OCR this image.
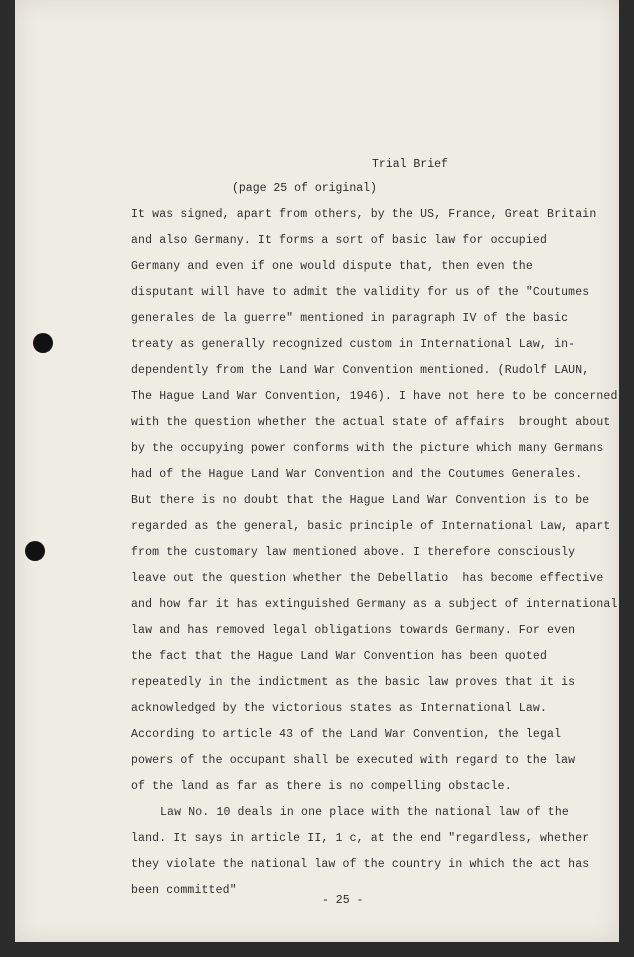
Trial Brief
(page 25 of original)
It was signed, apart from others, by the US, France, Great Britain
and also Germany. It forms a sort of basic law for occupied
Germany and even if one would dispute that, then even the
disputant will have to admit the validity for us of the "Coutumes
generales de la guerre" mentioned in paragraph IV of the basic
treaty as generally recognized custom in International Law, in-
dependently from the Land War Convention mentioned. (Rudolf LAUN,
The Hague Land War Convention, 1946). I have not here to be concerned
with the question whether the actual state of affairs  brought about
by the occupying power conforms with the picture which many Germans
had of the Hague Land War Convention and the Coutumes Generales.
But there is no doubt that the Hague Land War Convention is to be
regarded as the general, basic principle of International Law, apart
from the customary law mentioned above. I therefore consciously
leave out the question whether the Debellatio  has become effective
and how far it has extinguished Germany as a subject of international
law and has removed legal obligations towards Germany. For even
the fact that the Hague Land War Convention has been quoted
repeatedly in the indictment as the basic law proves that it is
acknowledged by the victorious states as International Law.
According to article 43 of the Land War Convention, the legal
powers of the occupant shall be executed with regard to the law
of the land as far as there is no compelling obstacle.
Law No. 10 deals in one place with the national law of the
land. It says in article II, 1 c, at the end "regardless, whether
they violate the national law of the country in which the act has
been committed"
- 25 -
